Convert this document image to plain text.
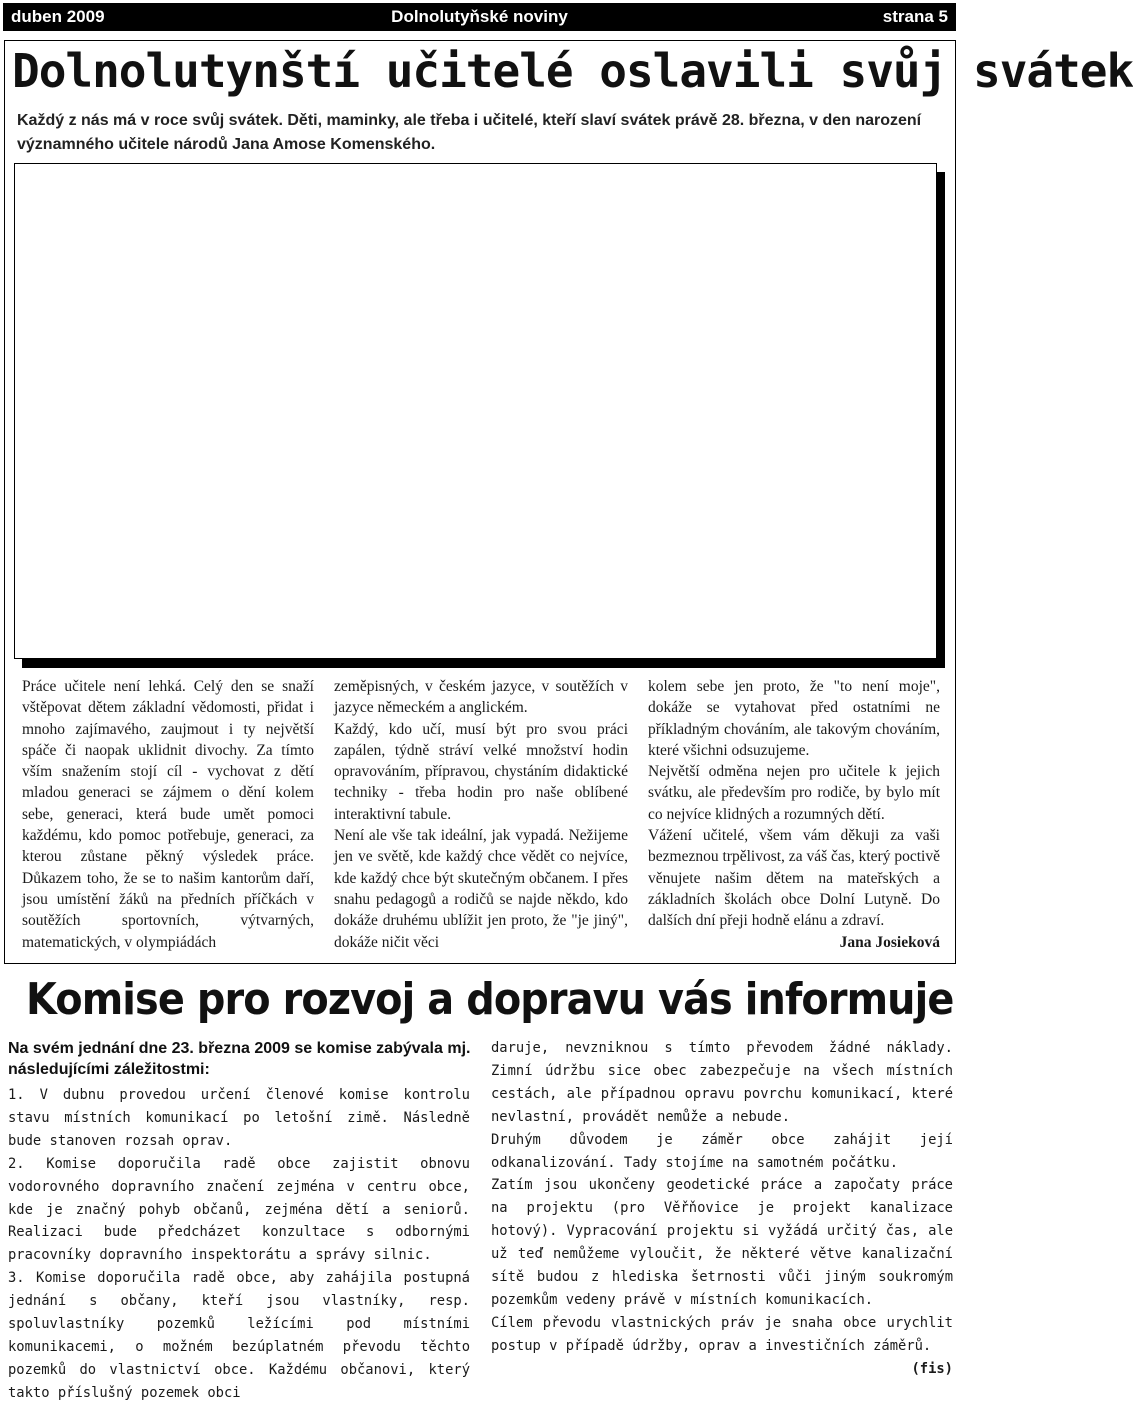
duben 2009	Dolnolutyňské noviny	strana 5
Dolnolutynští učitelé oslavili svůj svátek
Každý z nás má v roce svůj svátek. Děti, maminky, ale třeba i učitelé, kteří slaví svátek právě 28. března, v den narození významného učitele národů Jana Amose Komenského.

Práce učitele není lehká. Celý den se snaží vštěpovat dětem základní vědomosti, přidat i mnoho zajímavého, zaujmout i ty největší spáče či naopak uklidnit divochy. Za tímto vším snažením stojí cíl - vychovat z dětí mladou generaci se zájmem o dění kolem sebe, generaci, která bude umět pomoci každému, kdo pomoc potřebuje, generaci, za kterou zůstane pěkný výsledek práce. Důkazem toho, že se to našim kantorům daří, jsou umístění žáků na předních příčkách v soutěžích sportovních, výtvarných, matematických, v olympiádách

zeměpisných, v českém jazyce, v soutěžích v jazyce německém a anglickém.

Každý, kdo učí, musí být pro svou práci zapálen, týdně stráví velké množství hodin opravováním, přípravou, chystáním didaktické techniky - třeba hodin pro naše oblíbené interaktivní tabule.

Není ale vše tak ideální, jak vypadá. Nežijeme jen ve světě, kde každý chce vědět co nejvíce, kde každý chce být skutečným občanem. I přes snahu pedagogů a rodičů se najde někdo, kdo dokáže druhému ublížit jen proto, že "je jiný", dokáže ničit věci

kolem sebe jen proto, že "to není moje", dokáže se vytahovat před ostatními ne příkladným chováním, ale takovým chováním, které všichni odsuzujeme.

Největší odměna nejen pro učitele k jejich svátku, ale především pro rodiče, by bylo mít co nejvíce klidných a rozumných dětí.

Vážení učitelé, všem vám děkuji za vaši bezmeznou trpělivost, za váš čas, který poctivě věnujete našim dětem na mateřských a základních školách obce Dolní Lutyně. Do dalších dní přeji hodně elánu a zdraví.

Jana Josieková

Komise pro rozvoj a dopravu vás informuje
Na svém jednání dne 23. března 2009 se komise zabývala mj. následujícími záležitostmi:

1. V dubnu provedou určení členové komise kontrolu stavu místních komunikací po letošní zimě. Následně bude stanoven rozsah oprav.

2. Komise doporučila radě obce zajistit obnovu vodorovného dopravního značení zejména v centru obce, kde je značný pohyb občanů, zejména dětí a seniorů. Realizaci bude předcházet konzultace s odbornými pracovníky dopravního inspektorátu a správy silnic.

3. Komise doporučila radě obce, aby zahájila postupná jednání s občany, kteří jsou vlastníky, resp. spoluvlastníky pozemků ležícími pod místními komunikacemi, o možném bezúplatném převodu těchto pozemků do vlastnictví obce. Každému občanovi, který takto příslušný pozemek obci

daruje, nevzniknou s tímto převodem žádné náklady. Zimní údržbu sice obec zabezpečuje na všech místních cestách, ale případnou opravu povrchu komunikací, které nevlastní, provádět nemůže a nebude.

Druhým důvodem je záměr obce zahájit její odkanalizování. Tady stojíme na samotném počátku.

Zatím jsou ukončeny geodetické práce a započaty práce na projektu (pro Věřňovice je projekt kanalizace hotový). Vypracování projektu si vyžádá určitý čas, ale už teď nemůžeme vyloučit, že některé větve kanalizační sítě budou z hlediska šetrnosti vůči jiným soukromým pozemkům vedeny právě v místních komunikacích.

Cílem převodu vlastnických práv je snaha obce urychlit postup v případě údržby, oprav a investičních záměrů.

(fis)
